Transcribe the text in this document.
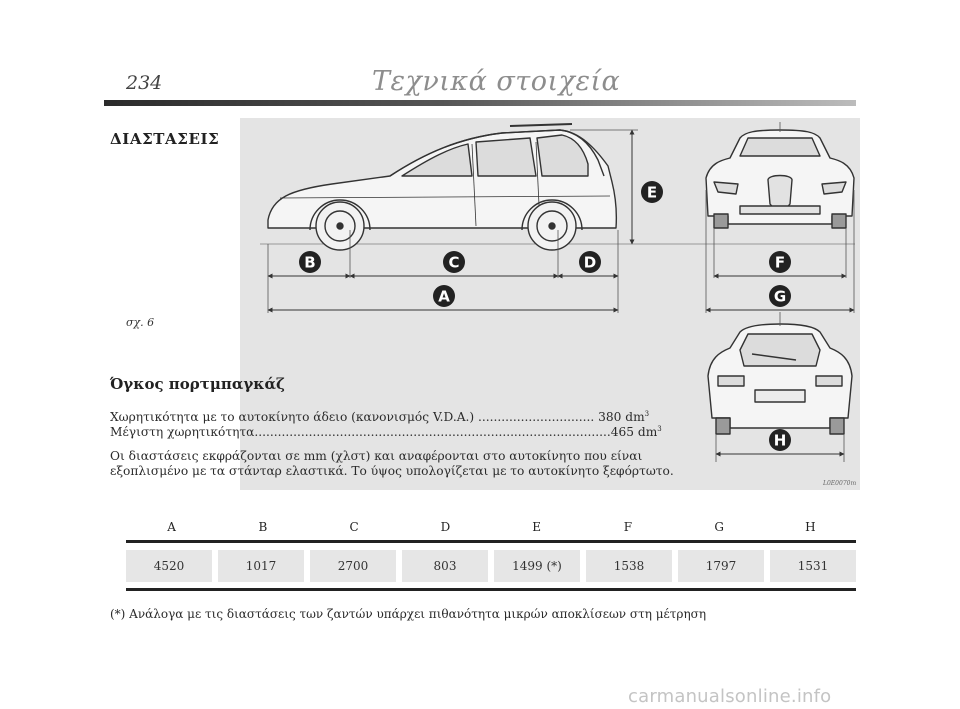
234	Τεχνικά στοιχεία
ΔΙΑΣΤΑΣΕΙΣ
B	C	D
A
E
F
G
H
σχ. 6
L0E0070m
Όγκος πορτμπαγκάζ
Χωρητικότητα με το αυτοκίνητο άδειο (κανονισμός V.D.A.) .............................. 380 $dm^3$
Μέγιστη χωρητικότητα............................................................................................465 $dm^3$
Οι διαστάσεις εκφράζονται σε mm (χλστ) και αναφέρονται στο αυτοκίνητο που είναι
εξοπλισμένο με τα στάνταρ ελαστικά. Το ύψος υπολογίζεται με το αυτοκίνητο ξεφόρτωτο.
A	B	C	D	E	F	G	H
4520	1017	2700	803	1499 (*)	1538	1797	1531
(*) Ανάλογα με τις διαστάσεις των ζαντών υπάρχει πιθανότητα μικρών αποκλίσεων στη μέτρηση
carmanualsonline.info
